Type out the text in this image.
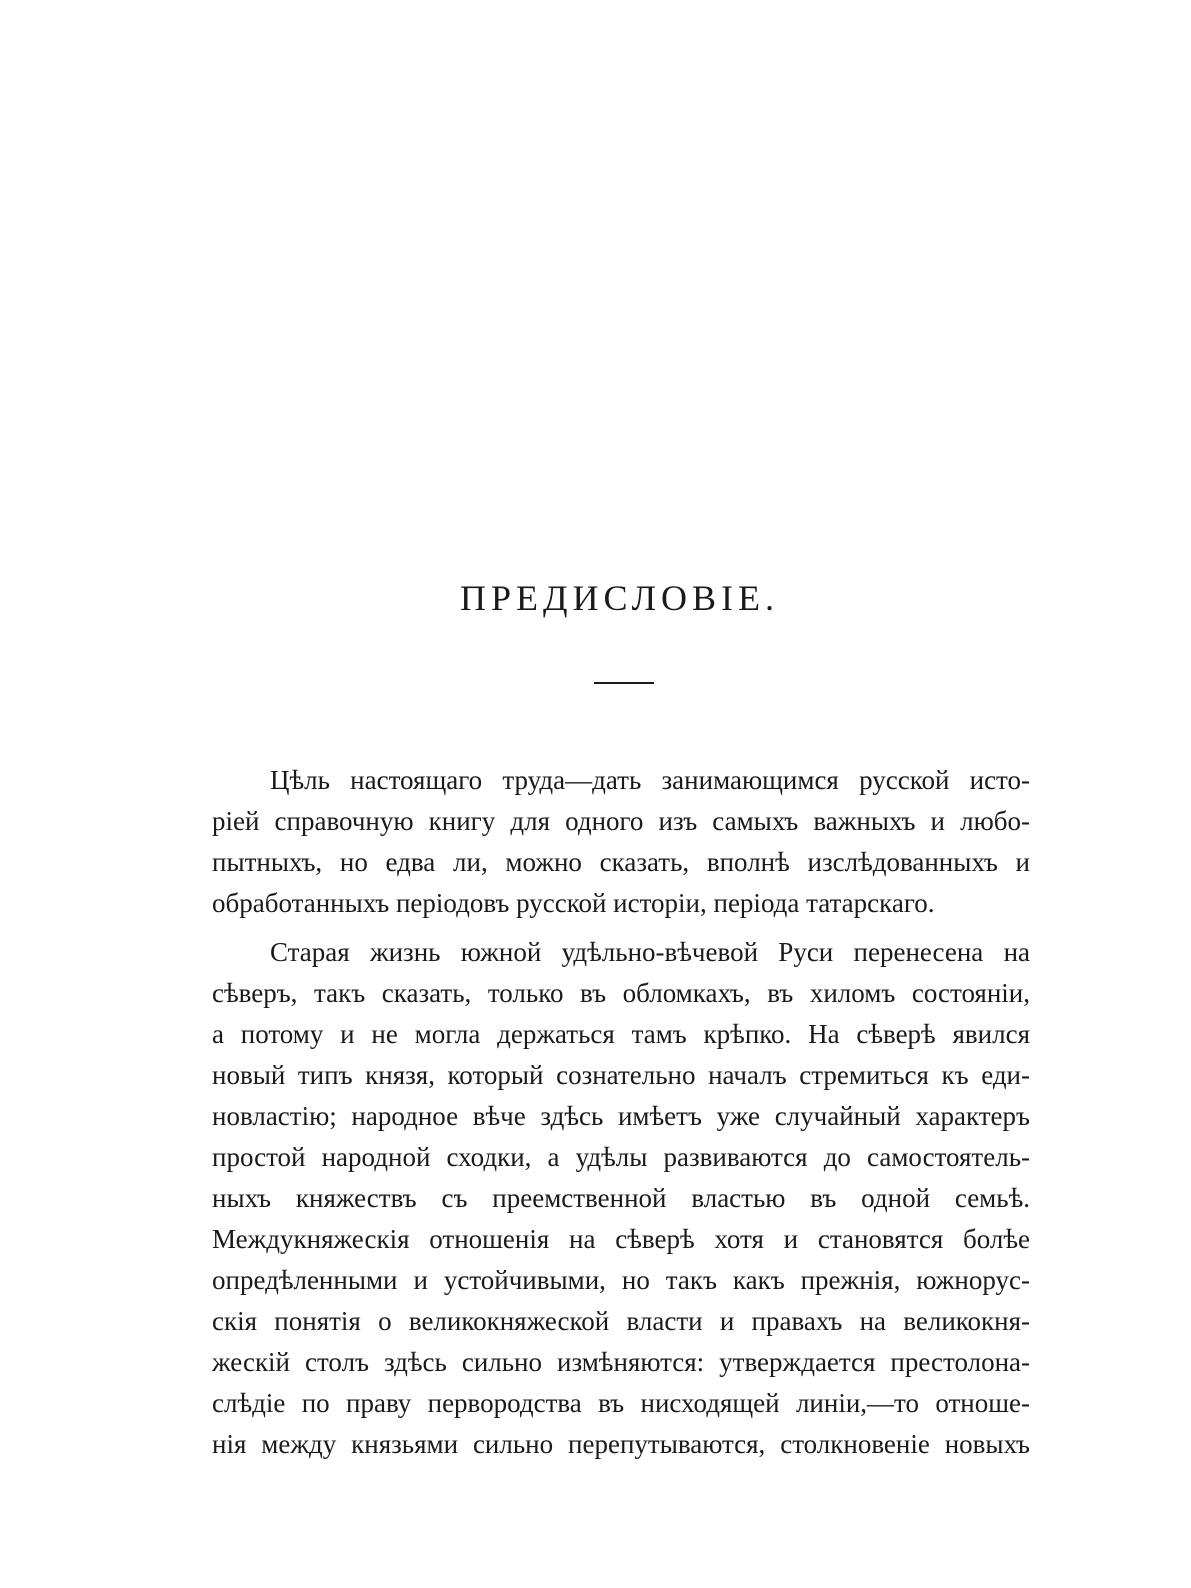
ПРЕДИСЛОВІЕ.

Цѣль настоящаго труда—дать занимающимся русской исто-
ріей справочную книгу для одного изъ самыхъ важныхъ и любо-
пытныхъ, но едва ли, можно сказать, вполнѣ изслѣдованныхъ и
обработанныхъ періодовъ русской исторіи, періода татарскаго.

Старая жизнь южной удѣльно-вѣчевой Руси перенесена на
сѣверъ, такъ сказать, только въ обломкахъ, въ хиломъ состояніи,
а потому и не могла держаться тамъ крѣпко. На сѣверѣ явился
новый типъ князя, который сознательно началъ стремиться къ еди-
новластію; народное вѣче здѣсь имѣетъ уже случайный характеръ
простой народной сходки, а удѣлы развиваются до самостоятель-
ныхъ княжествъ съ преемственной властью въ одной семьѣ.
Междукняжескія отношенія на сѣверѣ хотя и становятся болѣе
опредѣленными и устойчивыми, но такъ какъ прежнія, южнорус-
скія понятія о великокняжеской власти и правахъ на великокня-
жескій столъ здѣсь сильно измѣняются: утверждается престолона-
слѣдіе по праву первородства въ нисходящей линіи,—то отноше-
нія между князьями сильно перепутываются, столкновеніе новыхъ
